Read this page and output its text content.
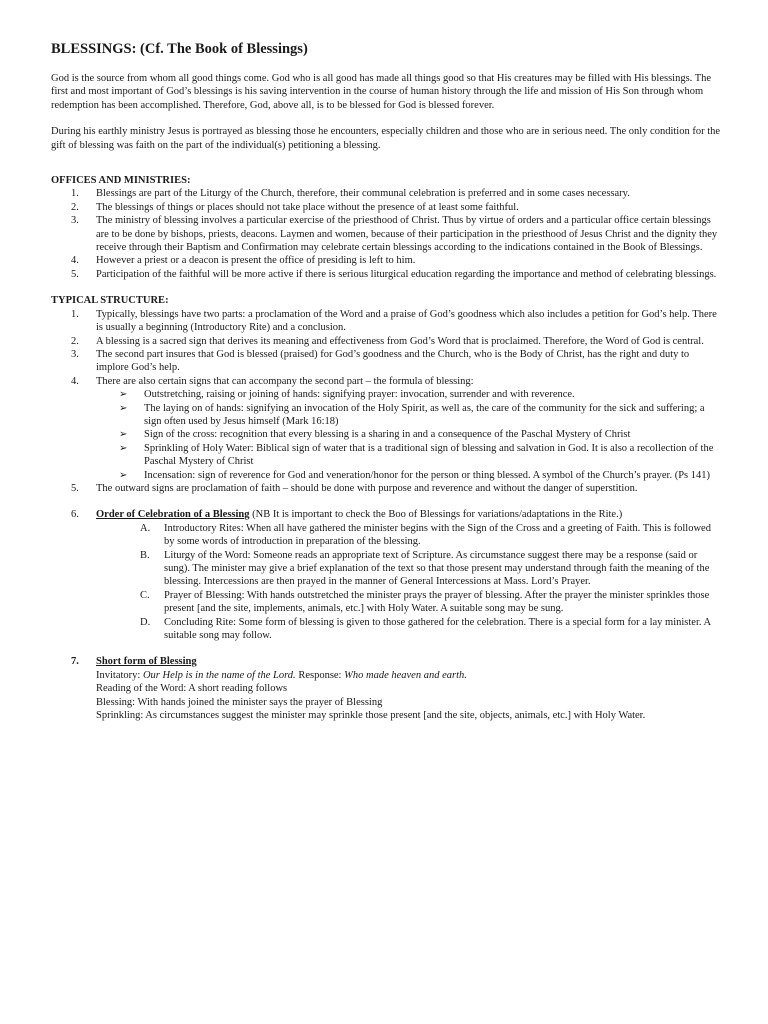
BLESSINGS: (Cf. The Book of Blessings)

God is the source from whom all good things come. God who is all good has made all things good so that His creatures may be filled with His blessings. The first and most important of God’s blessings is his saving intervention in the course of human history through the life and mission of His Son through whom redemption has been accomplished. Therefore, God, above all, is to be blessed for God is blessed forever.

During his earthly ministry Jesus is portrayed as blessing those he encounters, especially children and those who are in serious need. The only condition for the gift of blessing was faith on the part of the individual(s) petitioning a blessing.

OFFICES AND MINISTRIES:

1.	Blessings are part of the Liturgy of the Church, therefore, their communal celebration is preferred and in some cases necessary.
2.	The blessings of things or places should not take place without the presence of at least some faithful.
3.	The ministry of blessing involves a particular exercise of the priesthood of Christ. Thus by virtue of orders and a particular office certain blessings are to be done by bishops, priests, deacons. Laymen and women, because of their participation in the priesthood of Jesus Christ and the dignity they receive through their Baptism and Confirmation may celebrate certain blessings according to the indications contained in the Book of Blessings.
4.	However a priest or a deacon is present the office of presiding is left to him.
5.	Participation of the faithful will be more active if there is serious liturgical education regarding the importance and method of celebrating blessings.

TYPICAL STRUCTURE:

1.	Typically, blessings have two parts: a proclamation of the Word and a praise of God’s goodness which also includes a petition for God’s help. There is usually a beginning (Introductory Rite) and a conclusion.
2.	A blessing is a sacred sign that derives its meaning and effectiveness from God’s Word that is proclaimed. Therefore, the Word of God is central.
3.	The second part insures that God is blessed (praised) for God’s goodness and the Church, who is the Body of Christ, has the right and duty to implore God’s help.
4.	There are also certain signs that can accompany the second part – the formula of blessing:
➢ Outstretching, raising or joining of hands: signifying prayer: invocation, surrender and with reverence.
➢ The laying on of hands: signifying an invocation of the Holy Spirit, as well as, the care of the community for the sick and suffering; a sign often used by Jesus himself (Mark 16:18)
➢ Sign of the cross: recognition that every blessing is a sharing in and a consequence of the Paschal Mystery of Christ
➢ Sprinkling of Holy Water: Biblical sign of water that is a traditional sign of blessing and salvation in God. It is also a recollection of the Paschal Mystery of Christ
➢ Incensation: sign of reverence for God and veneration/honor for the person or thing blessed. A symbol of the Church’s prayer. (Ps 141)
5.	The outward signs are proclamation of faith – should be done with purpose and reverence and without the danger of superstition.
6.	Order of Celebration of a Blessing (NB It is important to check the Boo of Blessings for variations/adaptations in the Rite.)
A. Introductory Rites: When all have gathered the minister begins with the Sign of the Cross and a greeting of Faith. This is followed by some words of introduction in preparation of the blessing.
B. Liturgy of the Word: Someone reads an appropriate text of Scripture. As circumstance suggest there may be a response (said or sung). The minister may give a brief explanation of the text so that those present may understand through faith the meaning of the blessing. Intercessions are then prayed in the manner of General Intercessions at Mass. Lord’s Prayer.
C. Prayer of Blessing: With hands outstretched the minister prays the prayer of blessing. After the prayer the minister sprinkles those present [and the site, implements, animals, etc.] with Holy Water. A suitable song may be sung.
D. Concluding Rite: Some form of blessing is given to those gathered for the celebration. There is a special form for a lay minister. A suitable song may follow.
7.	Short form of Blessing

Invitatory: Our Help is in the name of the Lord. Response: Who made heaven and earth.

Reading of the Word: A short reading follows

Blessing: With hands joined the minister says the prayer of Blessing

Sprinkling: As circumstances suggest the minister may sprinkle those present [and the site, objects, animals, etc.] with Holy Water.
